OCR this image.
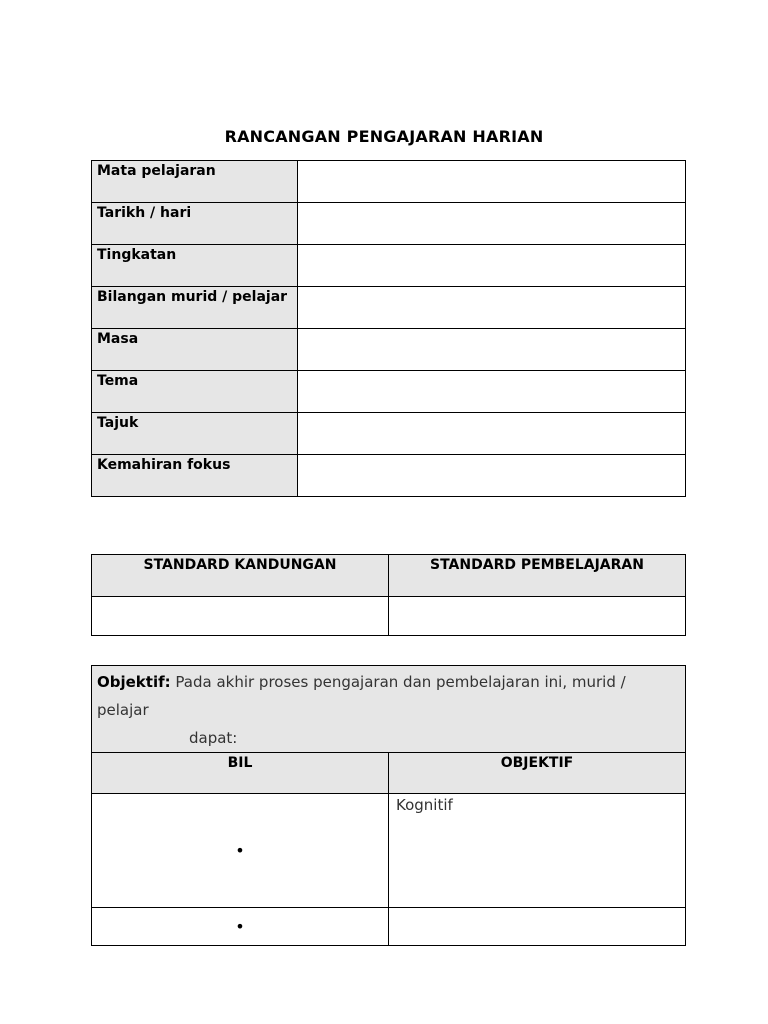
RANCANGAN PENGAJARAN HARIAN
Mata pelajaran	
Tarikh / hari	
Tingkatan	
Bilangan murid / pelajar	
Masa	
Tema	
Tajuk	
Kemahiran fokus	
STANDARD KANDUNGAN	STANDARD PEMBELAJARAN

Objektif: Pada akhir proses pengajaran dan pembelajaran ini, murid / pelajar
dapat:	

BIL	OBJEKTIF
•	Kognitif
•	
